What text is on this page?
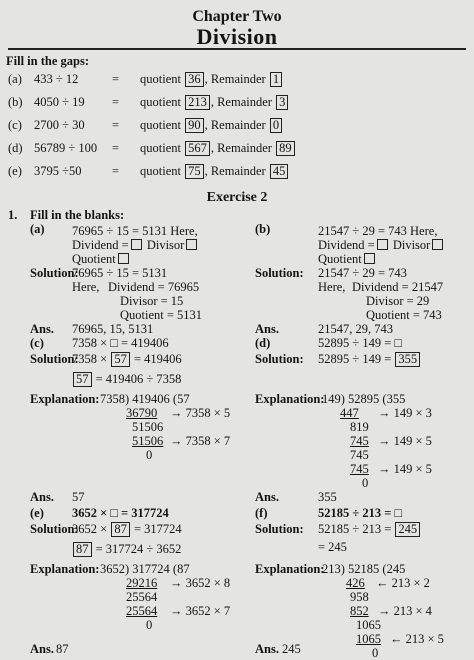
Chapter Two
Division
Fill in the gaps:
(a) 433 ÷ 12	= quotient 36 , Remainder 1
(b) 4050 ÷ 19 = quotient 213 , Remainder 3
(c) 2700 ÷ 30 = quotient 90 , Remainder 0
(d) 56789 ÷ 100 = quotient 567 , Remainder 89
(e) 3795 ÷50 = quotient 75 , Remainder 45
Exercise 2
1. Fill in the blanks:
(a) 76965 ÷ 15 = 5131 Here,
Dividend = Divisor
Quotient
Solution:
76965 ÷ 15 = 5131
Here, Dividend = 76965
Divisor = 15
Quotient = 5131
Ans. 76965, 15, 5131
(b)	21547 ÷ 29 = 743 Here,
Dividend = Divisor
Quotient
Solution: 21547 ÷ 29 = 743
Here, Dividend = 21547
Divisor = 29
Quotient = 743
Ans.	21547, 29, 743
(c) 7358 × □ = 419406
Solution:
7358 × 57 = 419406
57 = 419406 ÷ 7358
Explanation: 7358) 419406 (57
36790 → 7358 × 5
51506
51506 → 7358 × 7
0
Ans. 57
(d)	52895 ÷ 149 = □
Solution: 52895 ÷ 149 = 355
Explanation:
149) 52895 (355
447 → 149 × 3
819
745 → 149 × 5
745
745 → 149 × 5
0
Ans.	355
(e) 3652 × □ = 317724
Solution:
3652 × 87 = 317724
87 = 317724 ÷ 3652
Explanation: 3652) 317724 (87
29216 → 3652 × 8
25564
25564 → 3652 × 7
0
Ans. 87
(f)	52185 ÷ 213 = □
Solution: 52185 ÷ 213 = 245
= 245
Explanation:
213) 52185 (245
426 ← 213 × 2
958
852 → 213 × 4
1065
1065 ← 213 × 5
0
Ans. 245
